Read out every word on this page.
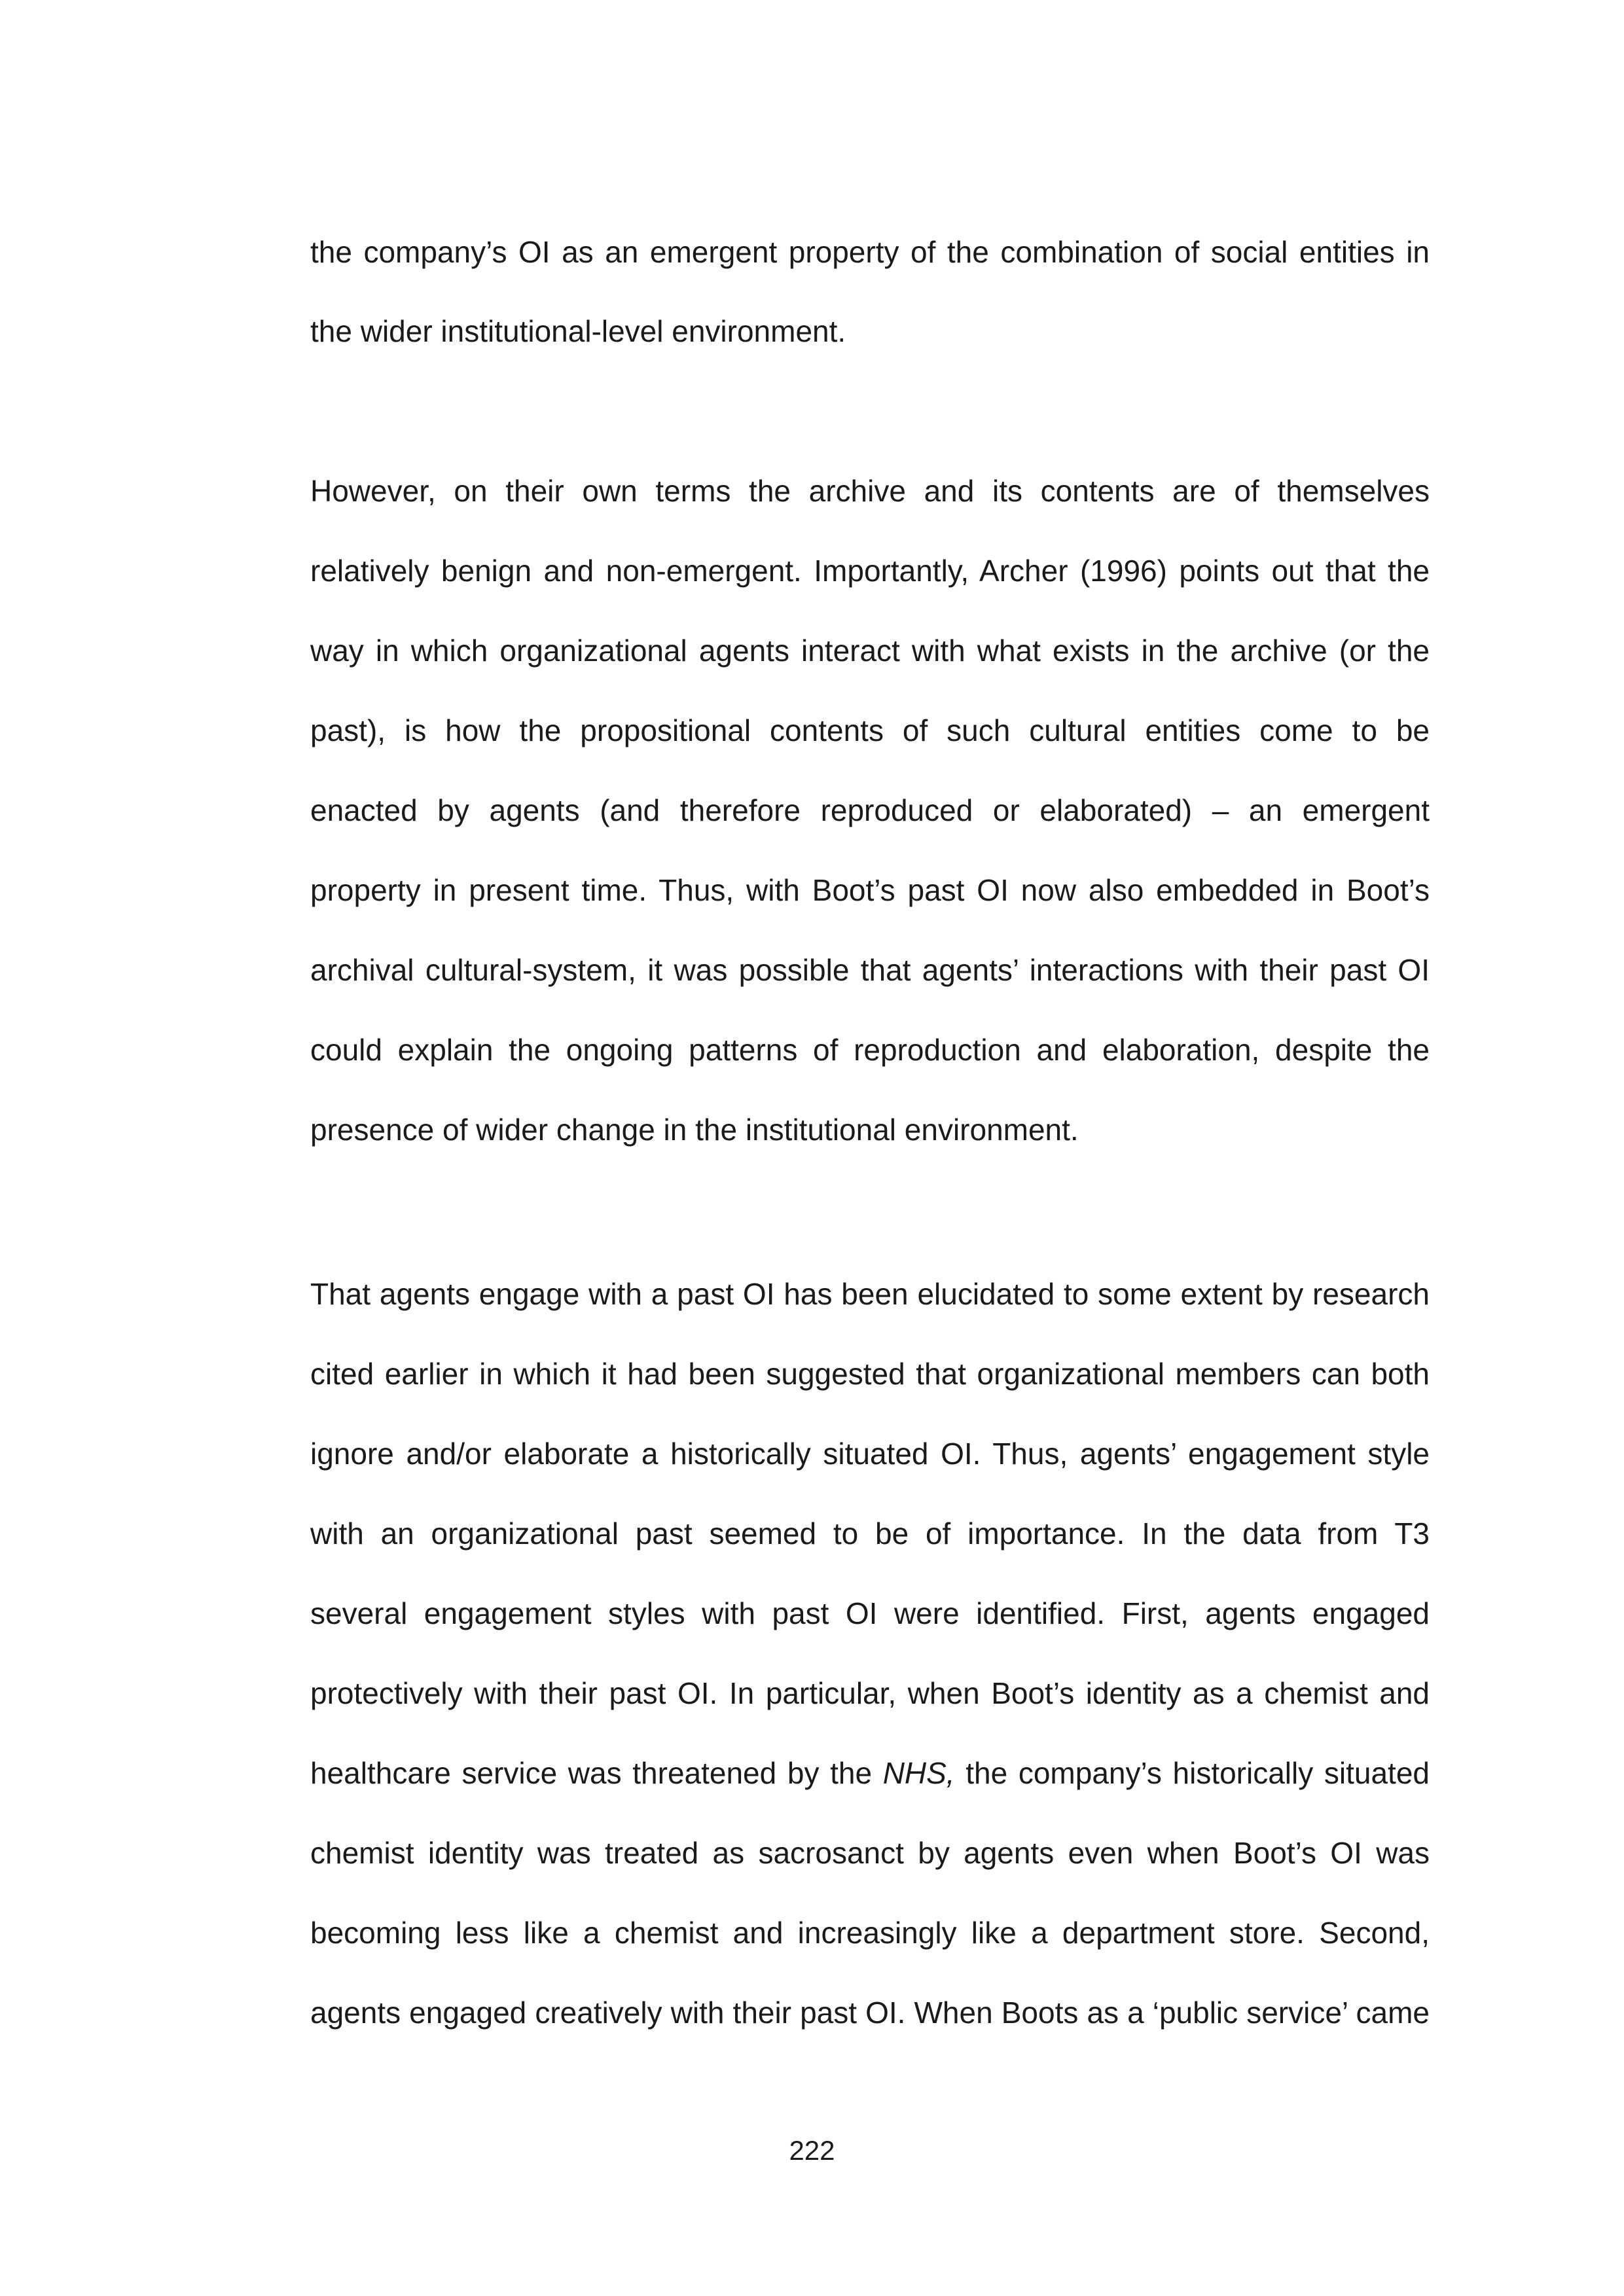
the company’s OI as an emergent property of the combination of social entities in
the wider institutional-level environment.
However, on their own terms the archive and its contents are of themselves
relatively benign and non-emergent. Importantly, Archer (1996) points out that the
way in which organizational agents interact with what exists in the archive (or the
past), is how the propositional contents of such cultural entities come to be
enacted by agents (and therefore reproduced or elaborated) – an emergent
property in present time. Thus, with Boot’s past OI now also embedded in Boot’s
archival cultural-system, it was possible that agents’ interactions with their past OI
could explain the ongoing patterns of reproduction and elaboration, despite the
presence of wider change in the institutional environment.
That agents engage with a past OI has been elucidated to some extent by research
cited earlier in which it had been suggested that organizational members can both
ignore and/or elaborate a historically situated OI. Thus, agents’ engagement style
with an organizational past seemed to be of importance. In the data from T3
several engagement styles with past OI were identified. First, agents engaged
protectively with their past OI. In particular, when Boot’s identity as a chemist and
healthcare service was threatened by the NHS, the company’s historically situated
chemist identity was treated as sacrosanct by agents even when Boot’s OI was
becoming less like a chemist and increasingly like a department store. Second,
agents engaged creatively with their past OI. When Boots as a ‘public service’ came
222
